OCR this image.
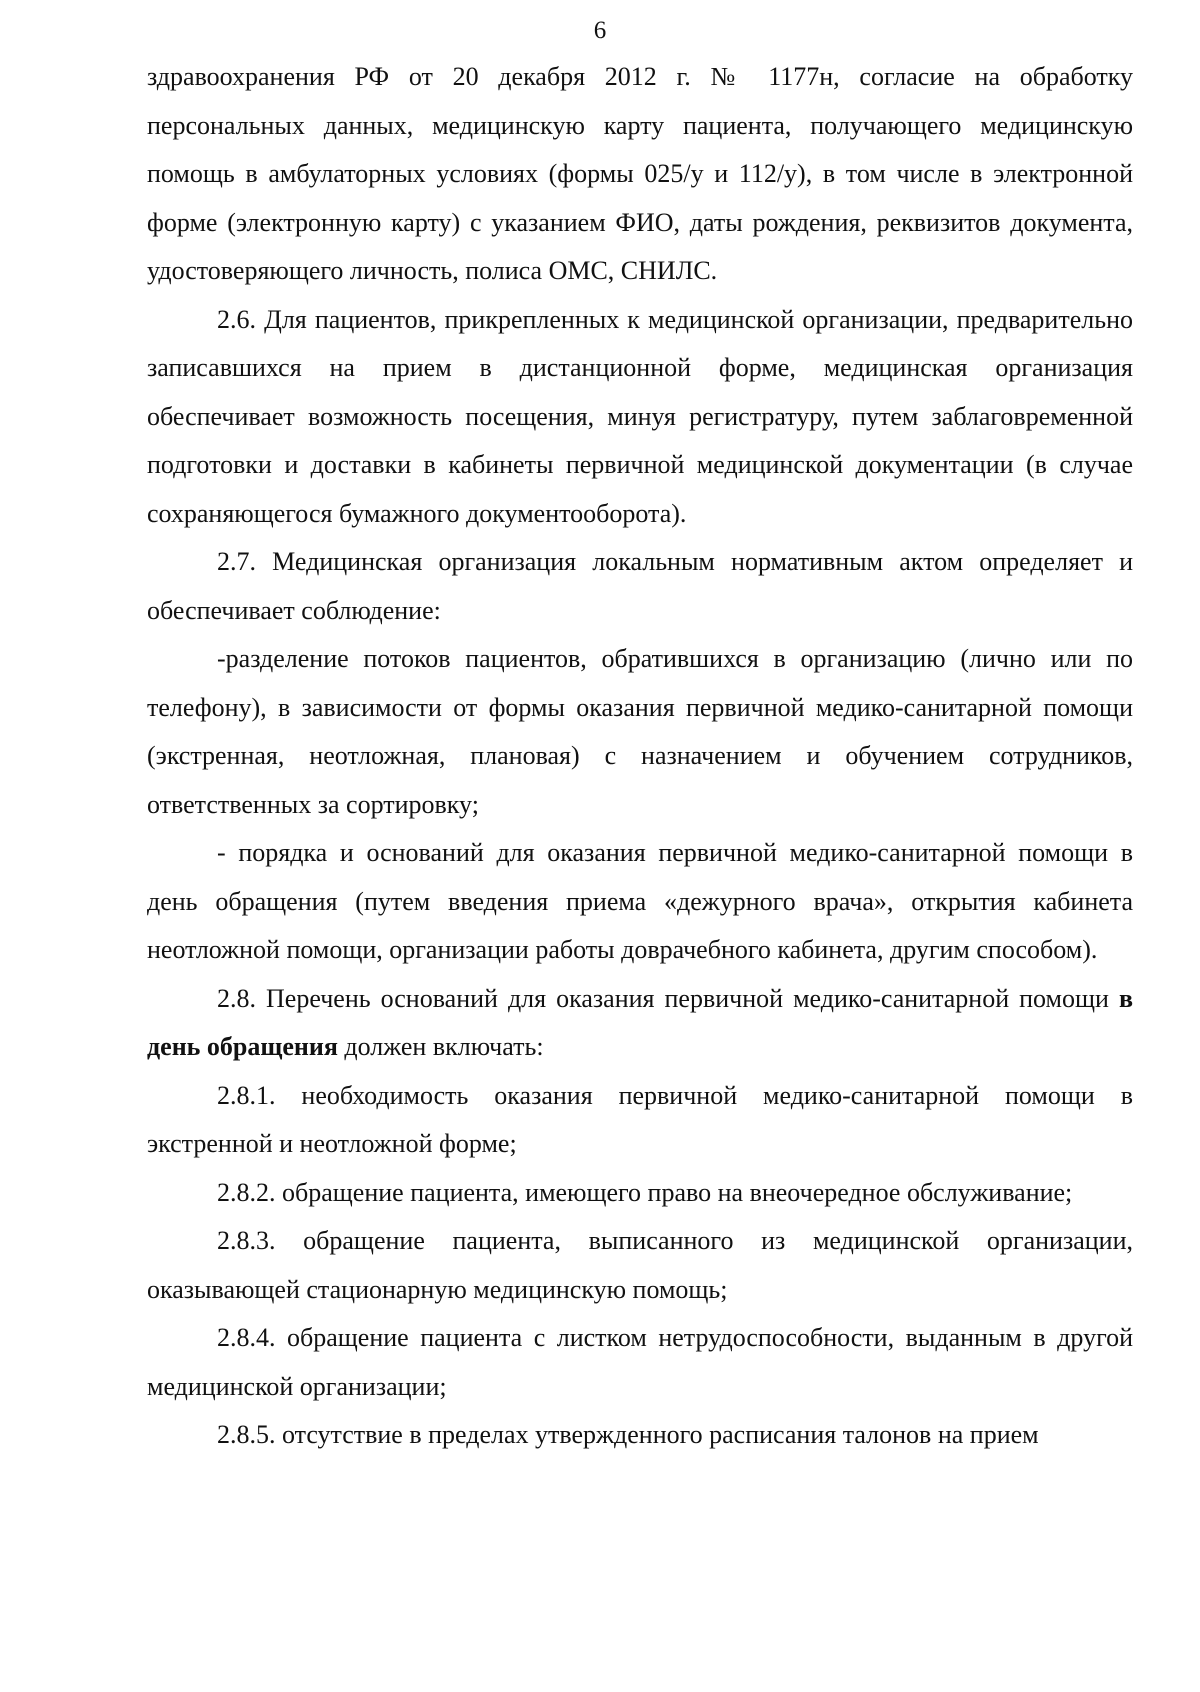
6

здравоохранения РФ от 20 декабря 2012 г. № 1177н, согласие на обработку персональных данных, медицинскую карту пациента, получающего медицинскую помощь в амбулаторных условиях (формы 025/у и 112/у), в том числе в электронной форме (электронную карту) с указанием ФИО, даты рождения, реквизитов документа, удостоверяющего личность, полиса ОМС, СНИЛС.

2.6. Для пациентов, прикрепленных к медицинской организации, предварительно записавшихся на прием в дистанционной форме, медицинская организация обеспечивает возможность посещения, минуя регистратуру, путем заблаговременной подготовки и доставки в кабинеты первичной медицинской документации (в случае сохраняющегося бумажного документооборота).

2.7. Медицинская организация локальным нормативным актом определяет и обеспечивает соблюдение:

-разделение потоков пациентов, обратившихся в организацию (лично или по телефону), в зависимости от формы оказания первичной медико-санитарной помощи (экстренная, неотложная, плановая) с назначением и обучением сотрудников, ответственных за сортировку;

- порядка и оснований для оказания первичной медико-санитарной помощи в день обращения (путем введения приема «дежурного врача», открытия кабинета неотложной помощи, организации работы доврачебного кабинета, другим способом).

2.8. Перечень оснований для оказания первичной медико-санитарной помощи в день обращения должен включать:

2.8.1. необходимость оказания первичной медико-санитарной помощи в экстренной и неотложной форме;

2.8.2. обращение пациента, имеющего право на внеочередное обслуживание;

2.8.3. обращение пациента, выписанного из медицинской организации, оказывающей стационарную медицинскую помощь;

2.8.4. обращение пациента с листком нетрудоспособности, выданным в другой медицинской организации;

2.8.5. отсутствие в пределах утвержденного расписания талонов на прием
